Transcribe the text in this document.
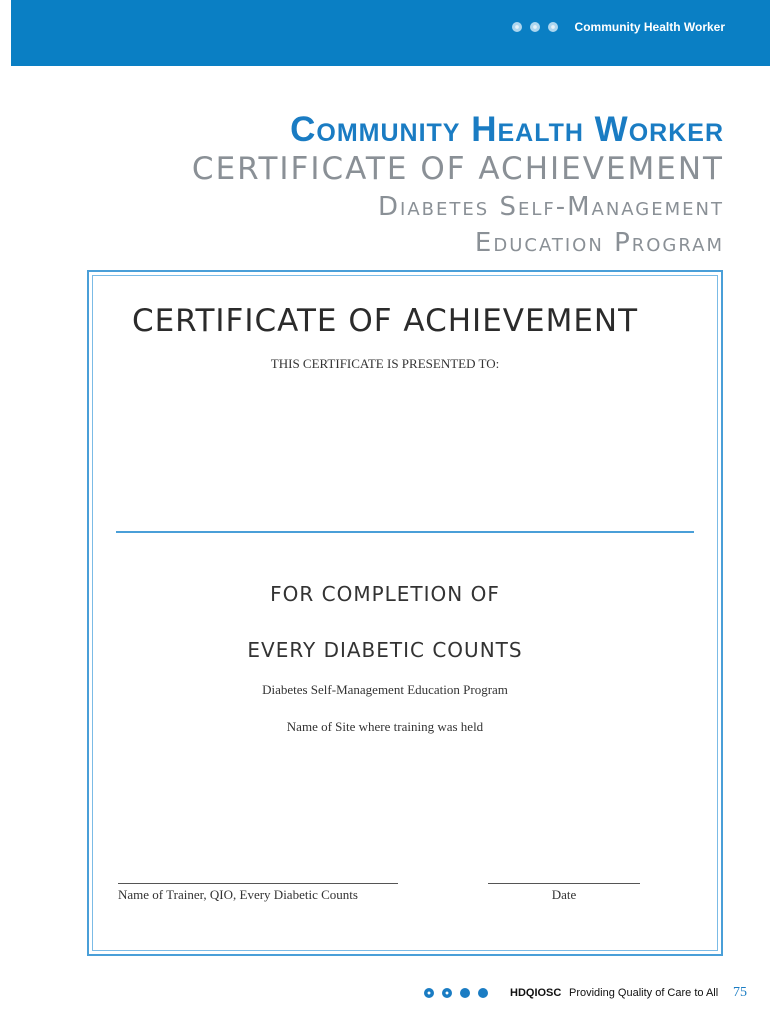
Community Health Worker
Community Health Worker
CERTIFICATE OF ACHIEVEMENT
Diabetes Self-Management
Education Program
CERTIFICATE OF ACHIEVEMENT
THIS CERTIFICATE IS PRESENTED TO:
FOR COMPLETION OF
EVERY DIABETIC COUNTS
Diabetes Self-Management Education Program
Name of Site where training was held
Name of Trainer, QIO, Every Diabetic Counts	Date
HDQIOSC Providing Quality of Care to All 75
